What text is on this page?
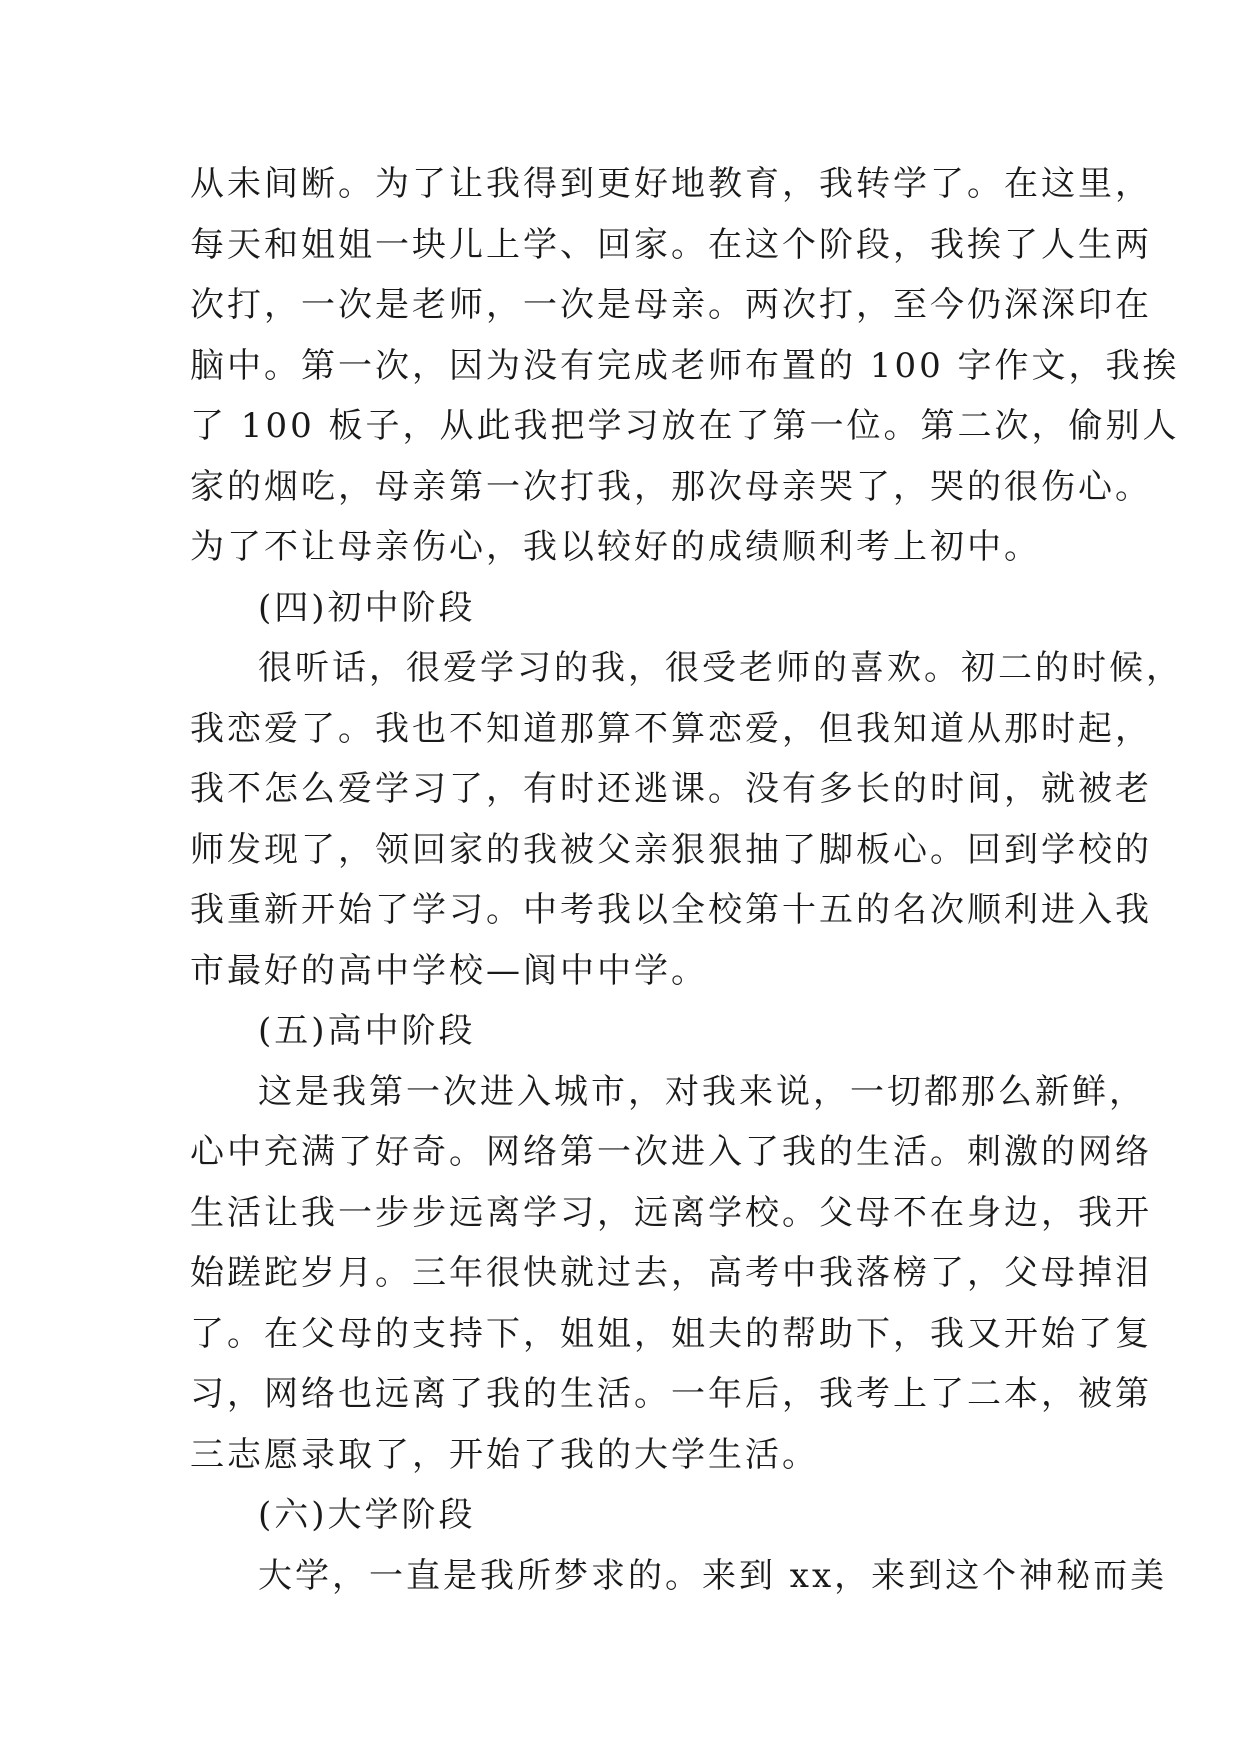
从未间断。为了让我得到更好地教育，我转学了。在这里，
每天和姐姐一块儿上学、回家。在这个阶段，我挨了人生两
次打，一次是老师，一次是母亲。两次打，至今仍深深印在
脑中。第一次，因为没有完成老师布置的 100 字作文，我挨
了 100 板子，从此我把学习放在了第一位。第二次，偷别人
家的烟吃，母亲第一次打我，那次母亲哭了，哭的很伤心。
为了不让母亲伤心，我以较好的成绩顺利考上初中。
(四)初中阶段
很听话，很爱学习的我，很受老师的喜欢。初二的时候，
我恋爱了。我也不知道那算不算恋爱，但我知道从那时起，
我不怎么爱学习了，有时还逃课。没有多长的时间，就被老
师发现了，领回家的我被父亲狠狠抽了脚板心。回到学校的
我重新开始了学习。中考我以全校第十五的名次顺利进入我
市最好的高中学校—阆中中学。
(五)高中阶段
这是我第一次进入城市，对我来说，一切都那么新鲜，
心中充满了好奇。网络第一次进入了我的生活。刺激的网络
生活让我一步步远离学习，远离学校。父母不在身边，我开
始蹉跎岁月。三年很快就过去，高考中我落榜了，父母掉泪
了。在父母的支持下，姐姐，姐夫的帮助下，我又开始了复
习，网络也远离了我的生活。一年后，我考上了二本，被第
三志愿录取了，开始了我的大学生活。
(六)大学阶段
大学，一直是我所梦求的。来到 xx，来到这个神秘而美
